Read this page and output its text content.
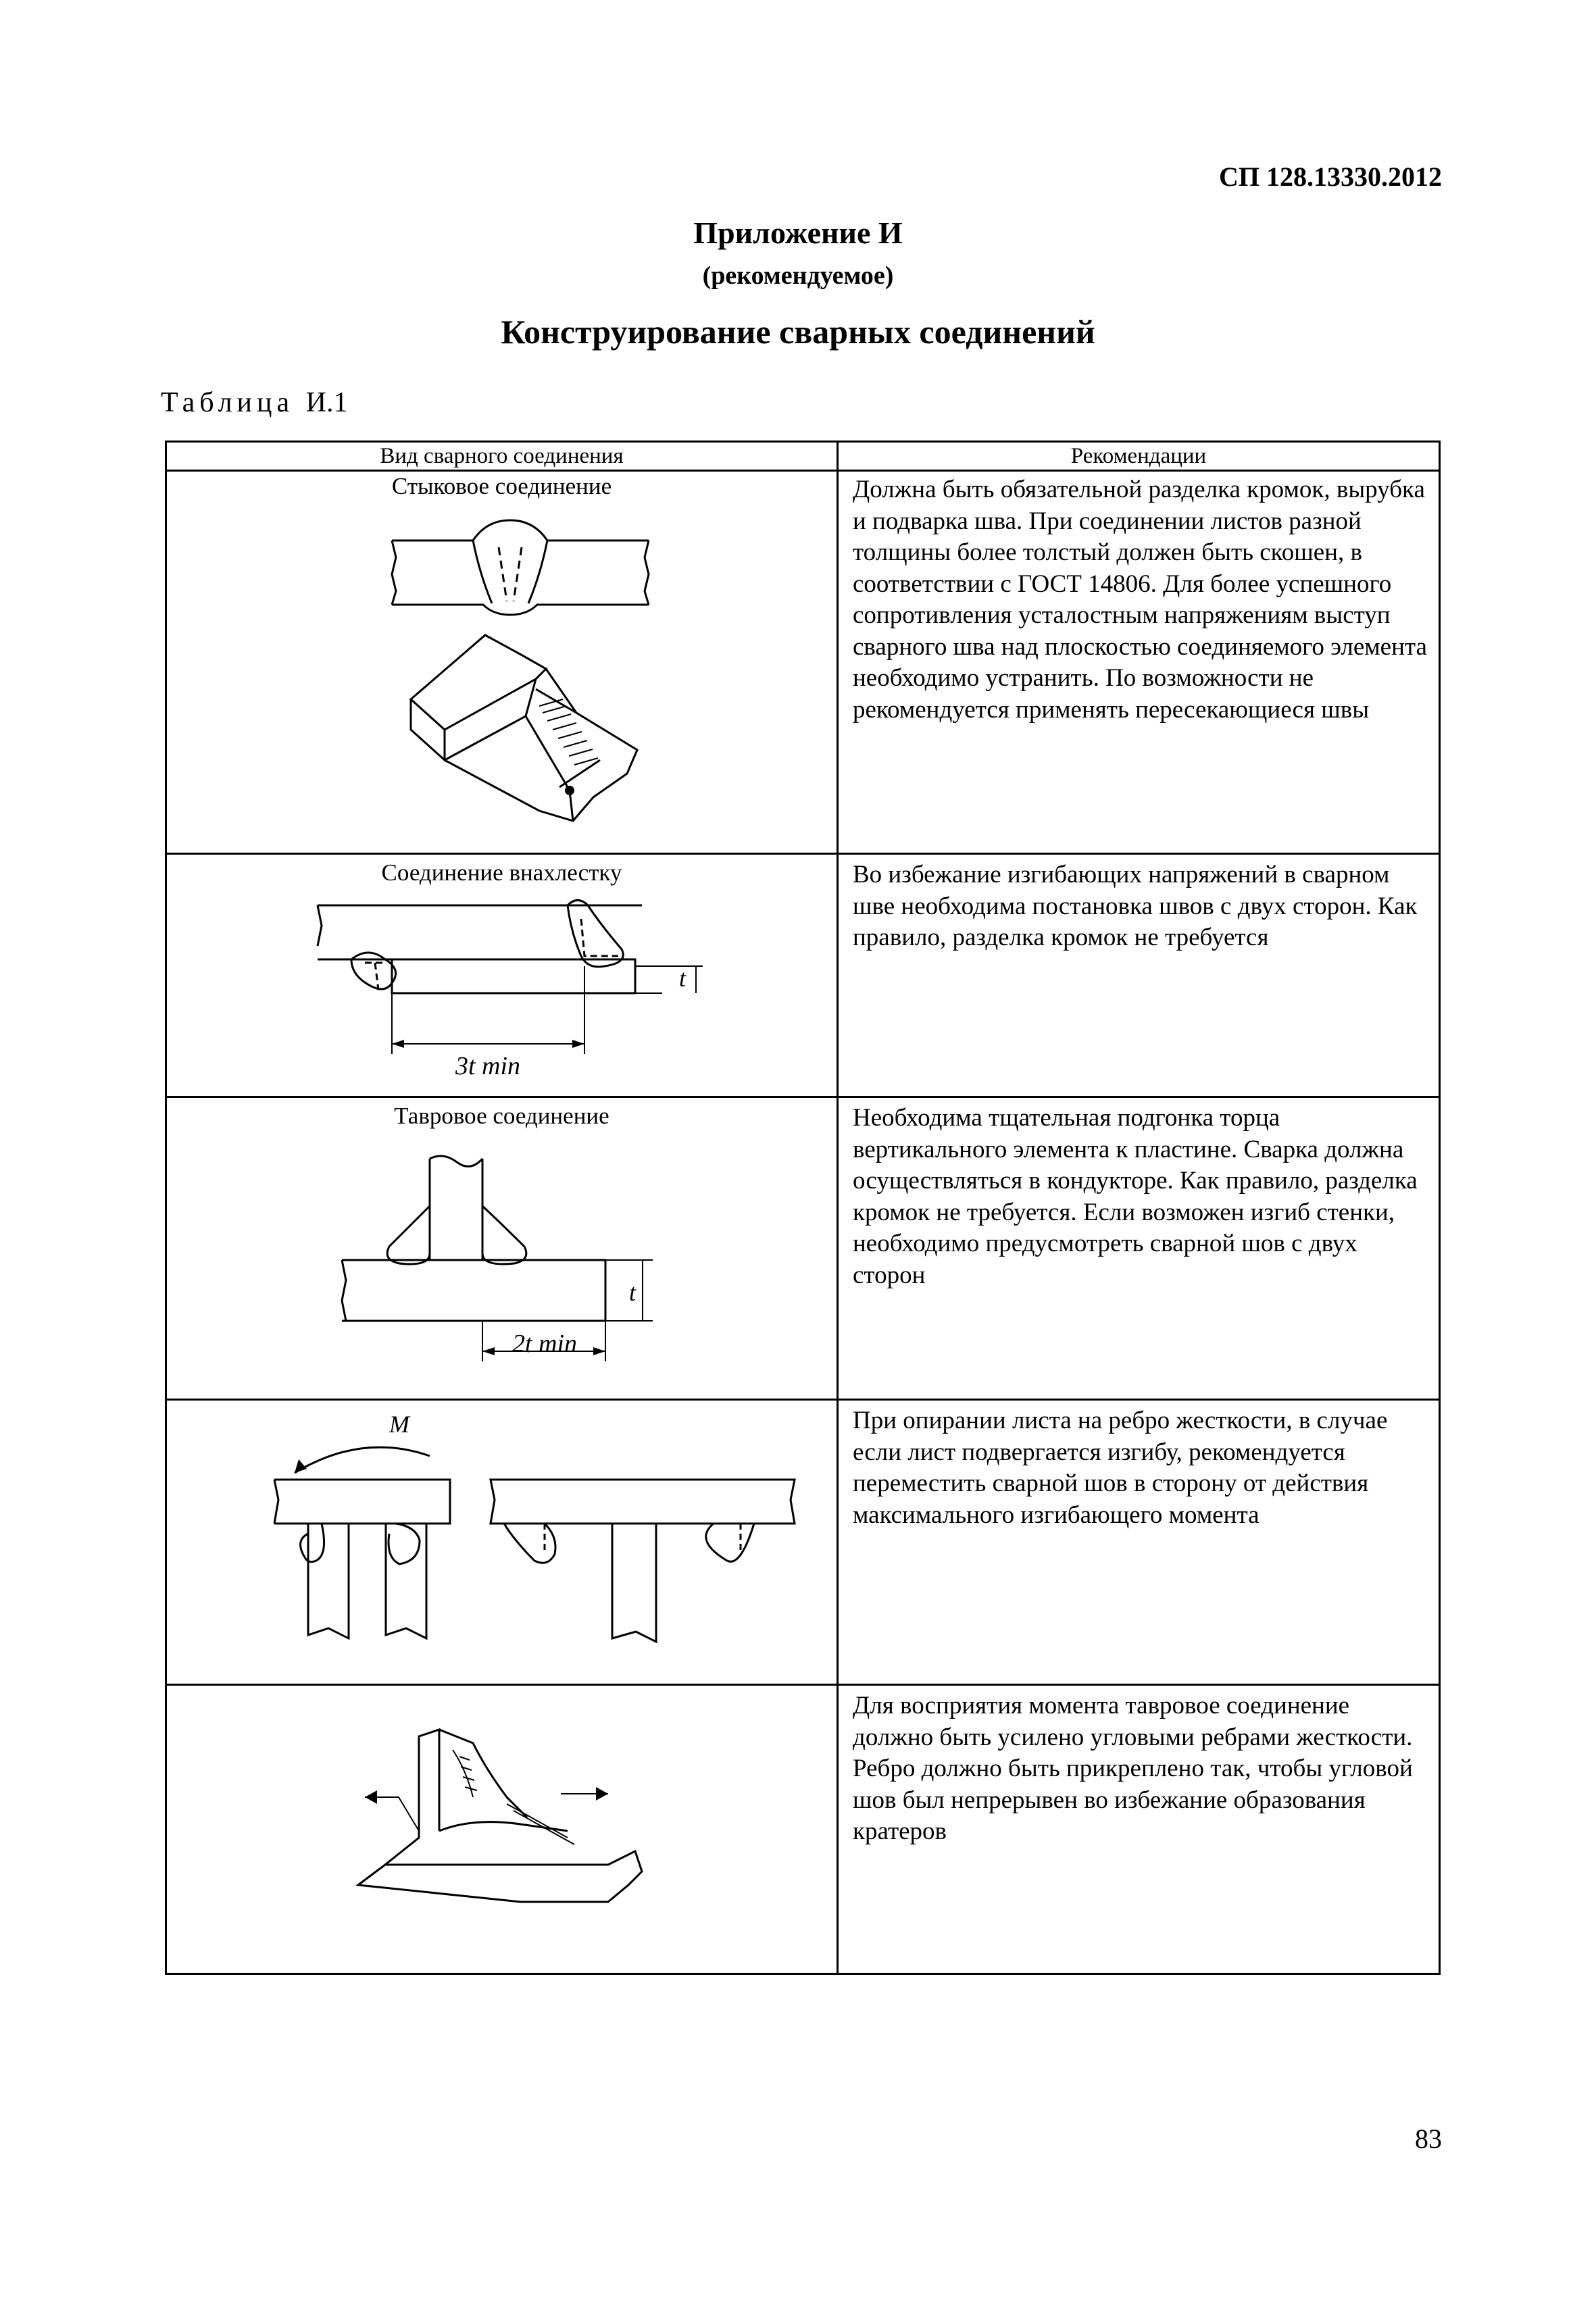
СП 128.13330.2012
Приложение И
(рекомендуемое)
Конструирование сварных соединений
Таблица И.1
Вид сварного соединения	Рекомендации
Стыковое соединение	Должна быть обязательной разделка кромок, вырубка и подварка шва. При соединении листов разной толщины более толстый должен быть скошен, в соответствии с ГОСТ 14806. Для более успешного сопротивления усталостным напряжениям выступ сварного шва над плоскостью соединяемого элемента необходимо устранить. По возможности не рекомендуется применять пересекающиеся швы
Соединение внахлестку	Во избежание изгибающих напряжений в сварном шве необходима постановка швов с двух сторон. Как правило, разделка кромок не требуется
3t min
t
Тавровое соединение	Необходима тщательная подгонка торца вертикального элемента к пластине. Сварка должна осуществляться в кондукторе. Как правило, разделка кромок не требуется. Если возможен изгиб стенки, необходимо предусмотреть сварной шов с двух сторон
2t min
t
При опирании листа на ребро жесткости, в случае если лист подвергается изгибу, рекомендуется переместить сварной шов в сторону от действия максимального изгибающего момента
M
Для восприятия момента тавровое соединение должно быть усилено угловыми ребрами жесткости. Ребро должно быть прикреплено так, чтобы угловой шов был непрерывен во избежание образования кратеров
83
